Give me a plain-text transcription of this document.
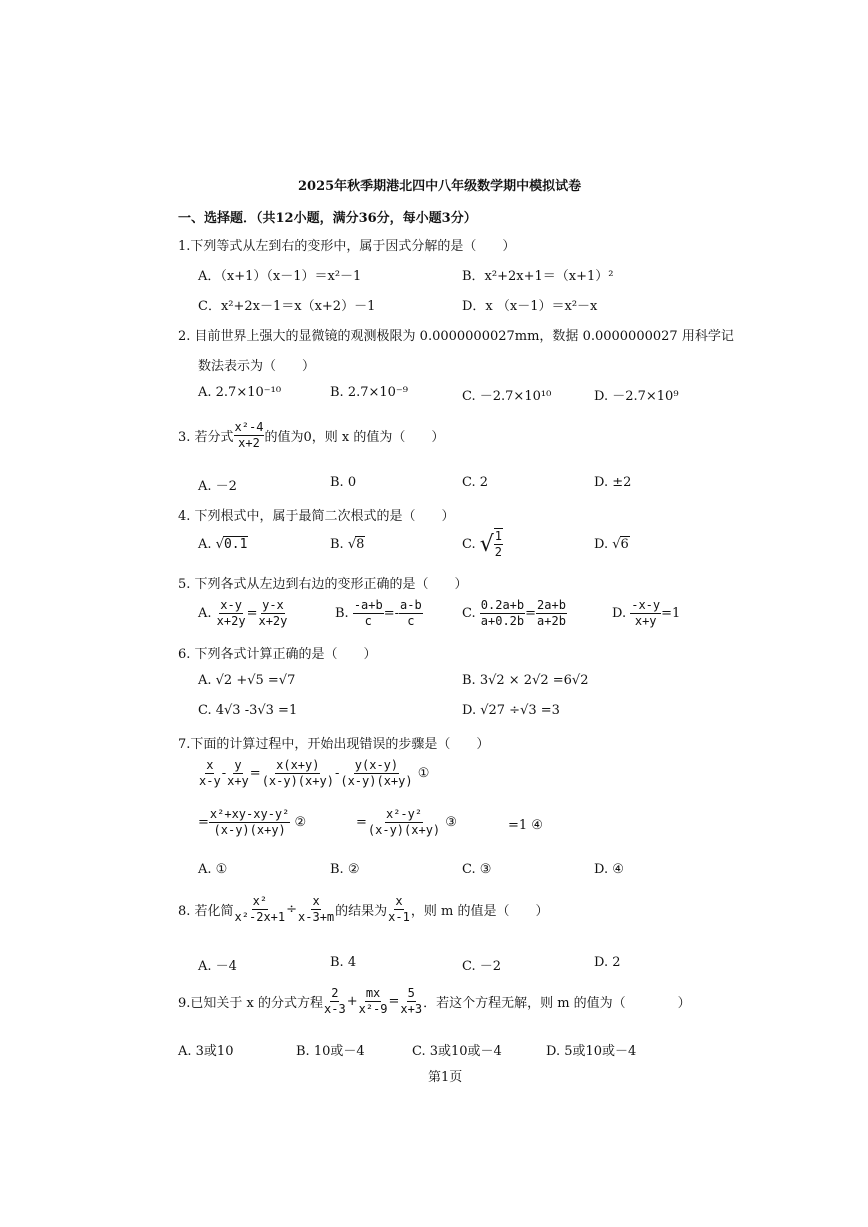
2025年秋季期港北四中八年级数学期中模拟试卷
一、选择题．（共12小题，满分36分，每小题3分）
1.下列等式从左到右的变形中，属于因式分解的是（　　）
A．（x+1）（x－1）＝x²－1	B．x²+2x+1＝（x+1）²
C．x²+2x－1＝x（x+2）－1	D．x （x－1）＝x²－x
2. 目前世界上强大的显微镜的观测极限为 0.0000000027mm，数据 0.0000000027 用科学记
数法表示为（　　）
A. 2.7×10⁻¹⁰	B. 2.7×10⁻⁹	C. －2.7×10¹⁰	D. －2.7×10⁹
3. 若分式 $\frac{\text{x²-4}}{x+2}$ 的值为0，则 x 的值为（　　）
A. －2	B. 0	C. 2	D. ±2
4. 下列根式中，属于最简二次根式的是（　　）
A. √ 0.1	B. √ 8	C.
√ $\frac{1}{2}$	D. √ 6
5. 下列各式从左边到右边的变形正确的是（　　）
A.
$\frac{x-y}{x+2y} = \frac{y-x}{x+2y}$	B.
$\frac{-a+b}{c} =- \frac{a-b}{c}$	C.
$\frac{0.2a+b}{a+0.2b} = \frac{2a+b}{a+2b}$	D.
$\frac{-x-y}{x+y} =1$
6. 下列各式计算正确的是（　　）
A. √2 +√5 =√7	B. 3√2 × 2√2 =6√2
C. 4√3 -3√3 =1	D. √27 ÷√3 =3
7.下面的计算过程中，开始出现错误的步骤是（　　）
$\frac{x}{x-y} - \frac{y}{x+y} = \frac{x(x+y)}{(x-y)(x+y)} - \frac{y(x-y)}{(x-y)(x+y)}$
①
= $\frac{\text{x²+xy-xy-y²}}{(x-y)(x+y)}$
②	= $\frac{\text{x²-y²}}{(x-y)(x+y)}$
③	=1 ④
A. ①	B. ②	C. ③	D. ④
8. 若化简 $\frac{\text{x²}}{\text{x²-2x+1}} \div \frac{x}{x-3+m}$ 的结果为 $\frac{x}{x-1}$ ，则 m 的值是（　　）
A. －4	B. 4	C. －2	D. 2
9.已知关于 x 的分式方程 $\frac{2}{x-3} + \frac{mx}{\text{x²-9}} = \frac{5}{x+3}$ ．若这个方程无解，则 m 的值为（　　　　）
A. 3或10	B. 10或－4	C. 3或10或－4	D. 5或10或－4
第1页
